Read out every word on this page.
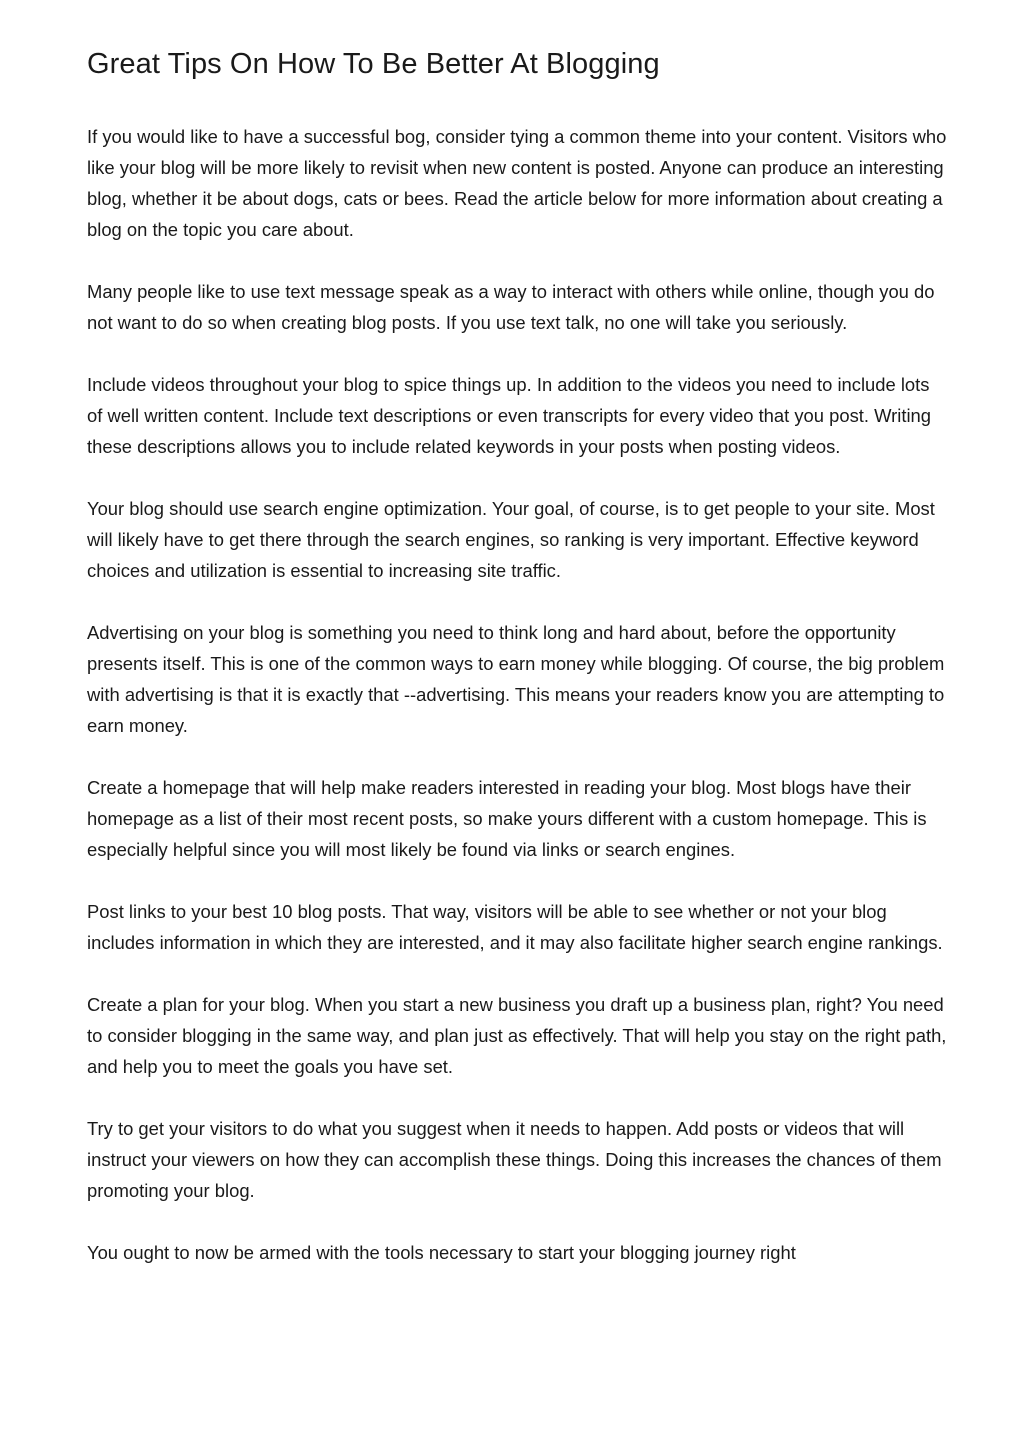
Great Tips On How To Be Better At Blogging

If you would like to have a successful bog, consider tying a common theme into your content. Visitors who like your blog will be more likely to revisit when new content is posted. Anyone can produce an interesting blog, whether it be about dogs, cats or bees. Read the article below for more information about creating a blog on the topic you care about.

Many people like to use text message speak as a way to interact with others while online, though you do not want to do so when creating blog posts. If you use text talk, no one will take you seriously.

Include videos throughout your blog to spice things up. In addition to the videos you need to include lots of well written content. Include text descriptions or even transcripts for every video that you post. Writing these descriptions allows you to include related keywords in your posts when posting videos.

Your blog should use search engine optimization. Your goal, of course, is to get people to your site. Most will likely have to get there through the search engines, so ranking is very important. Effective keyword choices and utilization is essential to increasing site traffic.

Advertising on your blog is something you need to think long and hard about, before the opportunity presents itself. This is one of the common ways to earn money while blogging. Of course, the big problem with advertising is that it is exactly that --advertising. This means your readers know you are attempting to earn money.

Create a homepage that will help make readers interested in reading your blog. Most blogs have their homepage as a list of their most recent posts, so make yours different with a custom homepage. This is especially helpful since you will most likely be found via links or search engines.

Post links to your best 10 blog posts. That way, visitors will be able to see whether or not your blog includes information in which they are interested, and it may also facilitate higher search engine rankings.

Create a plan for your blog. When you start a new business you draft up a business plan, right? You need to consider blogging in the same way, and plan just as effectively. That will help you stay on the right path, and help you to meet the goals you have set.

Try to get your visitors to do what you suggest when it needs to happen. Add posts or videos that will instruct your viewers on how they can accomplish these things. Doing this increases the chances of them promoting your blog.

You ought to now be armed with the tools necessary to start your blogging journey right
